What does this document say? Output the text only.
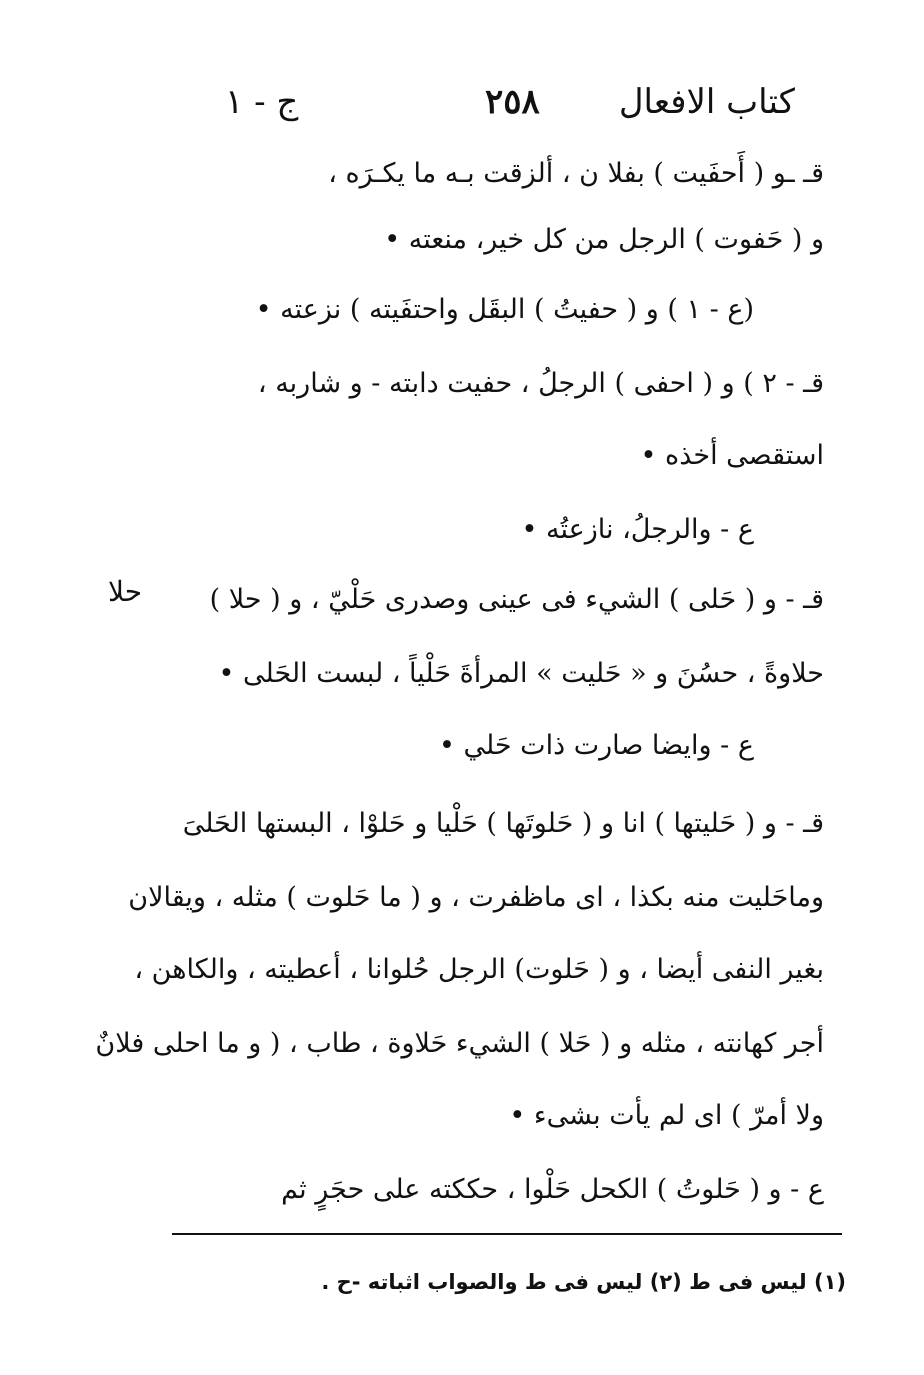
كتاب الافعال
٢٥٨
ج - ١
حلا
قـ ـو ( أَحفَيت ) بفلا ن ، ألزقت بـه ما يكـرَه ،
و ( حَفوت ) الرجل من كل خير، منعته •
(ع - ١ ) و ( حفيتُ ) البقَل واحتفَيته ) نزعته •
قـ - ٢ ) و ( احفى ) الرجلُ ، حفيت دابته - و شاربه ،
استقصى أخذه •
ع - والرجلُ، نازعتُه •
قـ - و ( حَلى ) الشيء فى عينى وصدرى حَلْيّ ، و ( حلا )
حلاوةً ، حسُنَ و « حَليت » المرأةَ حَلْياً ، لبست الحَلى •
ع - وايضا صارت ذات حَلي •
قـ - و ( حَليتها ) انا و ( حَلوتَها ) حَلْيا و حَلوْا ، البستها الحَلىَ
وماحَليت منه بكذا ، اى ماظفرت ، و ( ما حَلوت ) مثله ، ويقالان
بغير النفى أيضا ، و ( حَلوت) الرجل حُلوانا ، أعطيته ، والكاهن ،
أجر كهانته ، مثله و ( حَلا ) الشيء حَلاوة ، طاب ، ( و ما احلى فلانٌ
ولا أمرّ ) اى لم يأت بشىء •
ع - و ( حَلوتُ ) الكحل حَلْوا ، حككته على حجَرٍ ثم
(١) ليس فى ط (٢) ليس فى ط والصواب اثباته -ح .
